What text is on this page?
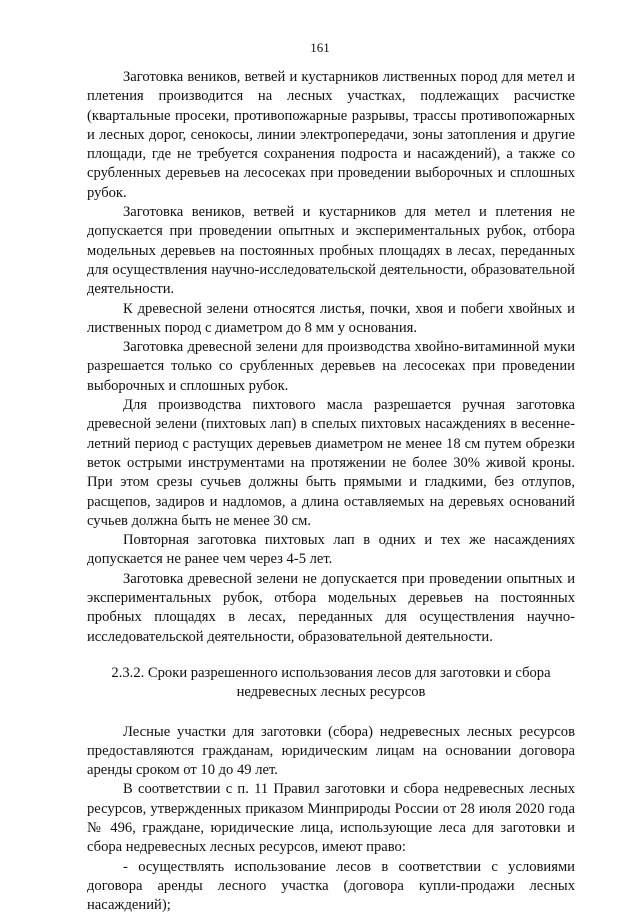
161

Заготовка веников, ветвей и кустарников лиственных пород для метел и плетения производится на лесных участках, подлежащих расчистке (квартальные просеки, противопожарные разрывы, трассы противопожарных и лесных дорог, сенокосы, линии электропередачи, зоны затопления и другие площади, где не требуется сохранения подроста и насаждений), а также со срубленных деревьев на лесосеках при проведении выборочных и сплошных рубок.

Заготовка веников, ветвей и кустарников для метел и плетения не допускается при проведении опытных и экспериментальных рубок, отбора модельных деревьев на постоянных пробных площадях в лесах, переданных для осуществления научно-исследовательской деятельности, образовательной деятельности.

К древесной зелени относятся листья, почки, хвоя и побеги хвойных и лиственных пород с диаметром до 8 мм у основания.

Заготовка древесной зелени для производства хвойно-витаминной муки разрешается только со срубленных деревьев на лесосеках при проведении выборочных и сплошных рубок.

Для производства пихтового масла разрешается ручная заготовка древесной зелени (пихтовых лап) в спелых пихтовых насаждениях в весенне-летний период с растущих деревьев диаметром не менее 18 см путем обрезки веток острыми инструментами на протяжении не более 30% живой кроны. При этом срезы сучьев должны быть прямыми и гладкими, без отлупов, расщепов, задиров и надломов, а длина оставляемых на деревьях оснований сучьев должна быть не менее 30 см.

Повторная заготовка пихтовых лап в одних и тех же насаждениях допускается не ранее чем через 4-5 лет.

Заготовка древесной зелени не допускается при проведении опытных и экспериментальных рубок, отбора модельных деревьев на постоянных пробных площадях в лесах, переданных для осуществления научно-исследовательской деятельности, образовательной деятельности.

2.3.2. Сроки разрешенного использования лесов для заготовки и сбора
недревесных лесных ресурсов

Лесные участки для заготовки (сбора) недревесных лесных ресурсов предоставляются гражданам, юридическим лицам на основании договора аренды сроком от 10 до 49 лет.

В соответствии с п. 11 Правил заготовки и сбора недревесных лесных ресурсов, утвержденных приказом Минприроды России от 28 июля 2020 года № 496, граждане, юридические лица, использующие леса для заготовки и сбора недревесных лесных ресурсов, имеют право:

- осуществлять использование лесов в соответствии с условиями договора аренды лесного участка (договора купли-продажи лесных насаждений);
